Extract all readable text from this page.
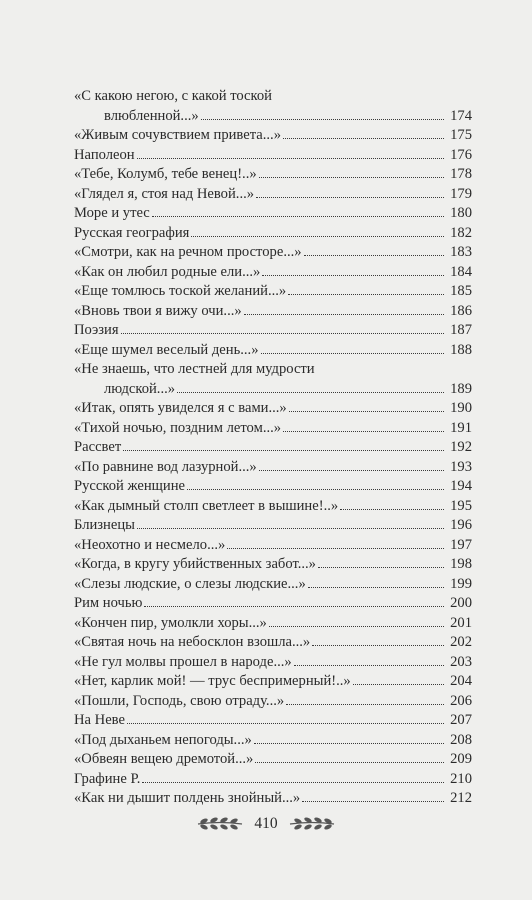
«С какою негою, с какой тоской
влюбленной...»	174
«Живым сочувствием привета...»	175
Наполеон	176
«Тебе, Колумб, тебе венец!..»	178
«Глядел я, стоя над Невой...»	179
Море и утес	180
Русская география	182
«Смотри, как на речном просторе...»	183
«Как он любил родные ели...»	184
«Еще томлюсь тоской желаний...»	185
«Вновь твои я вижу очи...»	186
Поэзия	187
«Еще шумел веселый день...»	188
«Не знаешь, что лестней для мудрости
людской...»	189
«Итак, опять увиделся я с вами...»	190
«Тихой ночью, поздним летом...»	191
Рассвет	192
«По равнине вод лазурной...»	193
Русской женщине	194
«Как дымный столп светлеет в вышине!..»	195
Близнецы	196
«Неохотно и несмело...»	197
«Когда, в кругу убийственных забот...»	198
«Слезы людские, о слезы людские...»	199
Рим ночью	200
«Кончен пир, умолкли хоры...»	201
«Святая ночь на небосклон взошла...»	202
«Не гул молвы прошел в народе...»	203
«Нет, карлик мой! — трус беспримерный!..»	204
«Пошли, Господь, свою отраду...»	206
На Неве	207
«Под дыханьем непогоды...»	208
«Обвеян вещею дремотой...»	209
Графине Р.	210
«Как ни дышит полдень знойный...»	212
410
